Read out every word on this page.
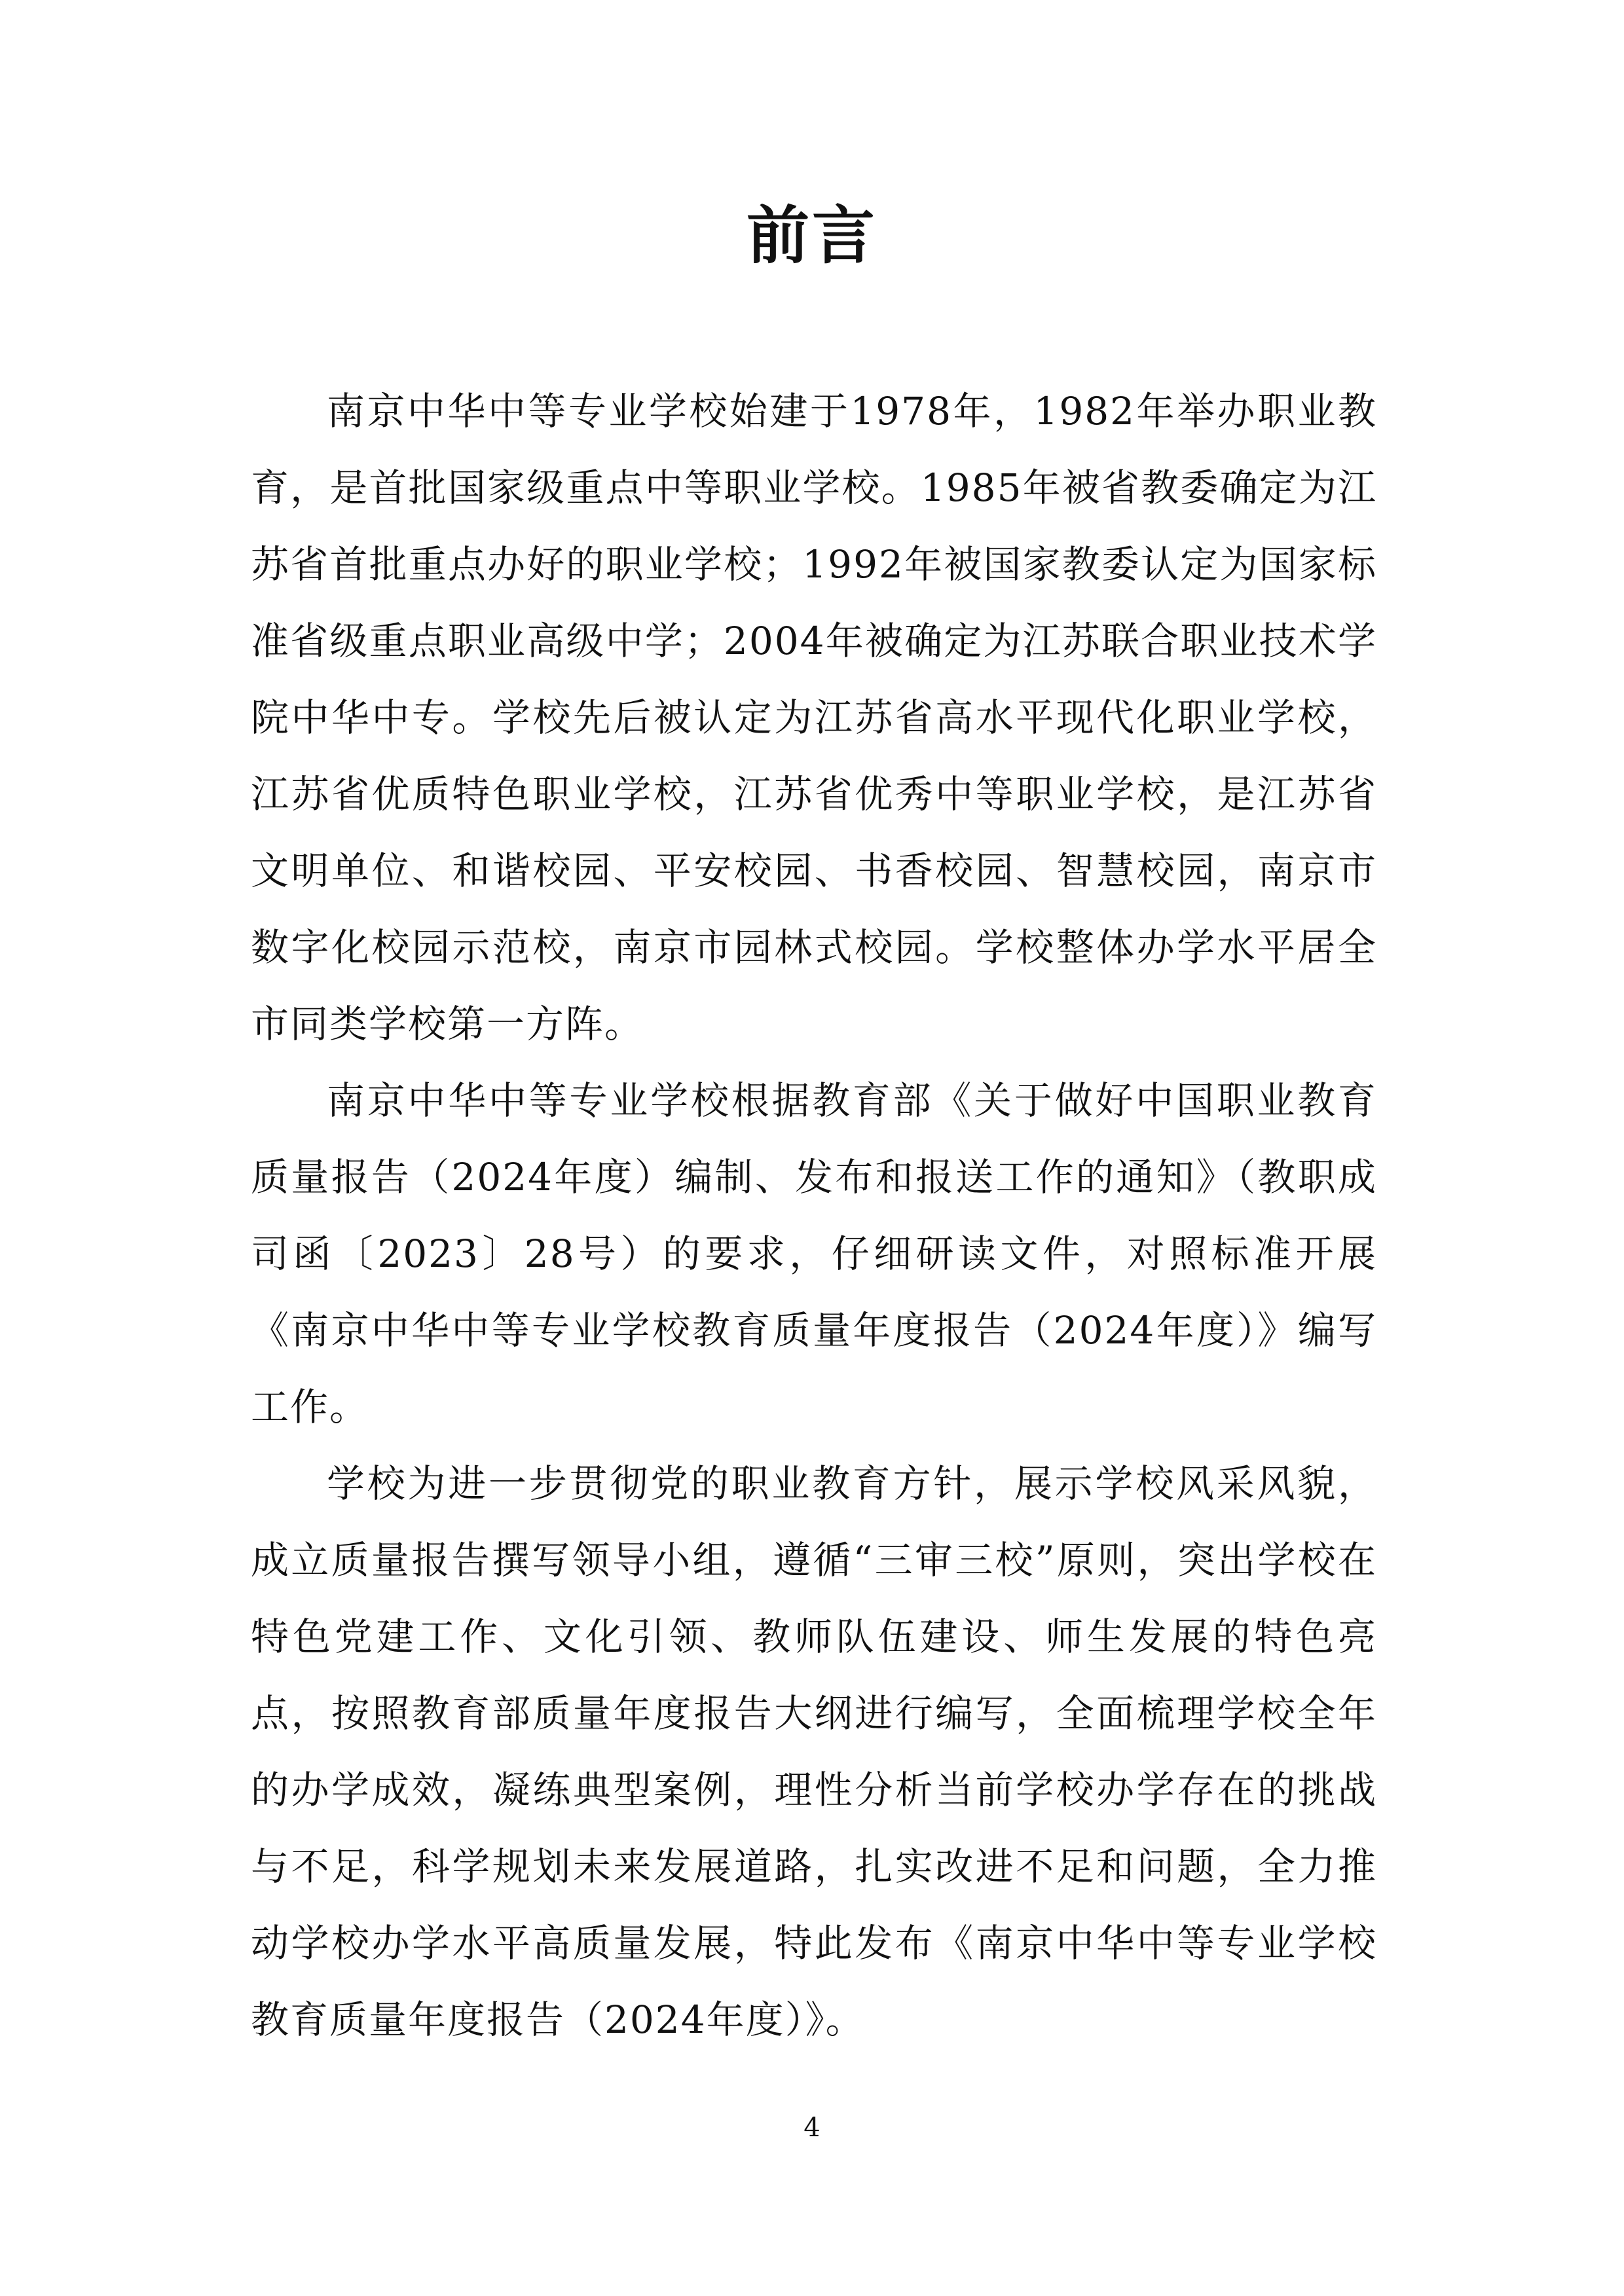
前言

南京中华中等专业学校始建于1978年，1982年举办职业教育，是首批国家级重点中等职业学校。1985年被省教委确定为江苏省首批重点办好的职业学校；1992年被国家教委认定为国家标准省级重点职业高级中学；2004年被确定为江苏联合职业技术学院中华中专。学校先后被认定为江苏省高水平现代化职业学校，江苏省优质特色职业学校，江苏省优秀中等职业学校，是江苏省文明单位、和谐校园、平安校园、书香校园、智慧校园，南京市数字化校园示范校，南京市园林式校园。学校整体办学水平居全市同类学校第一方阵。

南京中华中等专业学校根据教育部《关于做好中国职业教育质量报告（2024年度）编制、发布和报送工作的通知》（教职成司函〔2023〕28号）的要求，仔细研读文件，对照标准开展《南京中华中等专业学校教育质量年度报告（2024年度）》编写工作。

学校为进一步贯彻党的职业教育方针，展示学校风采风貌，成立质量报告撰写领导小组，遵循“三审三校”原则，突出学校在特色党建工作、文化引领、教师队伍建设、师生发展的特色亮点，按照教育部质量年度报告大纲进行编写，全面梳理学校全年的办学成效，凝练典型案例，理性分析当前学校办学存在的挑战与不足，科学规划未来发展道路，扎实改进不足和问题，全力推动学校办学水平高质量发展，特此发布《南京中华中等专业学校教育质量年度报告（2024年度）》。

4
